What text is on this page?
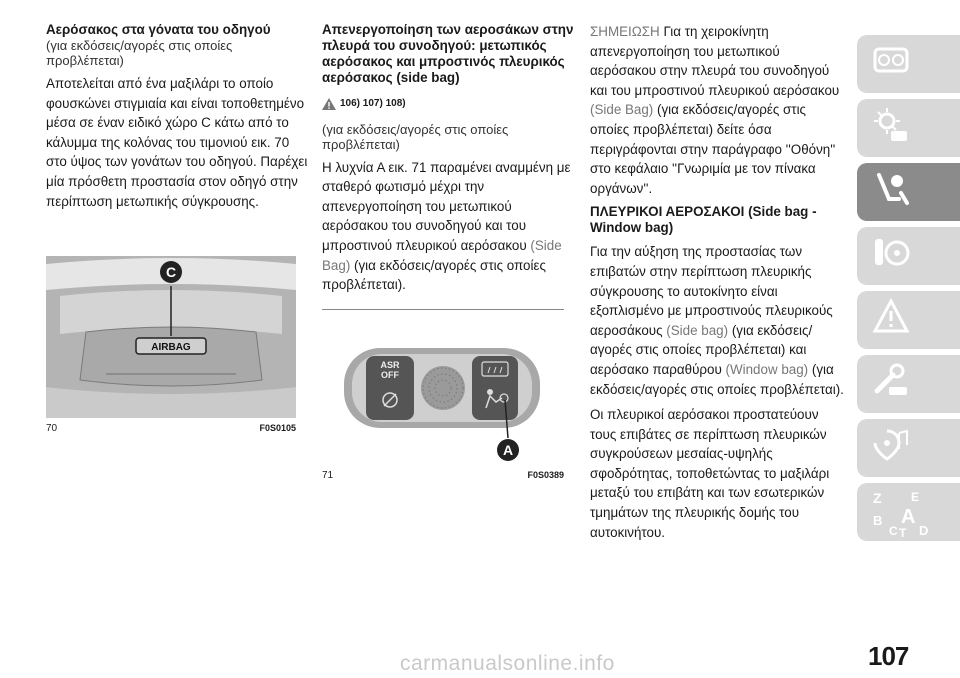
Αερόσακος στα γόνατα του οδηγού

(για εκδόσεις/αγορές στις οποίες προβλέπεται)

Αποτελείται από ένα μαξιλάρι το οποίο φουσκώνει στιγμιαία και είναι τοποθετημένο μέσα σε έναν ειδικό χώρο C κάτω από το κάλυμμα της κολόνας του τιμονιού εικ. 70 στο ύψος των γονάτων του οδηγού. Παρέχει μία πρόσθετη προστασία στον οδηγό στην περίπτωση μετωπικής σύγκρουσης.

AIRBAG
C
70	F0S0105
Απενεργοποίηση των αεροσάκων στην πλευρά του συνοδηγού: μετωπικός αερόσακος και μπροστινός πλευρικός αερόσακος (side bag)
106) 107) 108)

(για εκδόσεις/αγορές στις οποίες προβλέπεται)

Η λυχνία Α εικ. 71 παραμένει αναμμένη με σταθερό φωτισμό μέχρι την απενεργοποίηση του μετωπικού αερόσακου του συνοδηγού και του μπροστινού πλευρικού αερόσακου (Side Bag) (για εκδόσεις/αγορές στις οποίες προβλέπεται).

ASR
OFF
A
71	F0S0389

ΣΗΜΕΙΩΣΗ Για τη χειροκίνητη απενεργοποίηση του μετωπικού αερόσακου στην πλευρά του συνοδηγού και του μπροστινού πλευρικού αερόσακου (Side Bag) (για εκδόσεις/αγορές στις οποίες προβλέπεται) δείτε όσα περιγράφονται στην παράγραφο ''Οθόνη'' στο κεφάλαιο ''Γνωριμία με τον πίνακα οργάνων''.

ΠΛΕΥΡΙΚΟΙ ΑΕΡΟΣΑΚΟΙ (Side bag - Window bag)

Για την αύξηση της προστασίας των επιβατών στην περίπτωση πλευρικής σύγκρουσης το αυτοκίνητο είναι εξοπλισμένο με μπροστινούς πλευρικούς αεροσάκους (Side bag) (για εκδόσεις/αγορές στις οποίες προβλέπεται) και αερόσακο παραθύρου (Window bag) (για εκδόσεις/αγορές στις οποίες προβλέπεται).

Οι πλευρικοί αερόσακοι προστατεύουν τους επιβάτες σε περίπτωση πλευρικών συγκρούσεων μεσαίας-υψηλής σφοδρότητας, τοποθετώντας το μαξιλάρι μεταξύ του επιβάτη και των εσωτερικών τμημάτων της πλευρικής δομής του αυτοκινήτου.

Z E
B A
C T D
107
carmanualsonline.info
